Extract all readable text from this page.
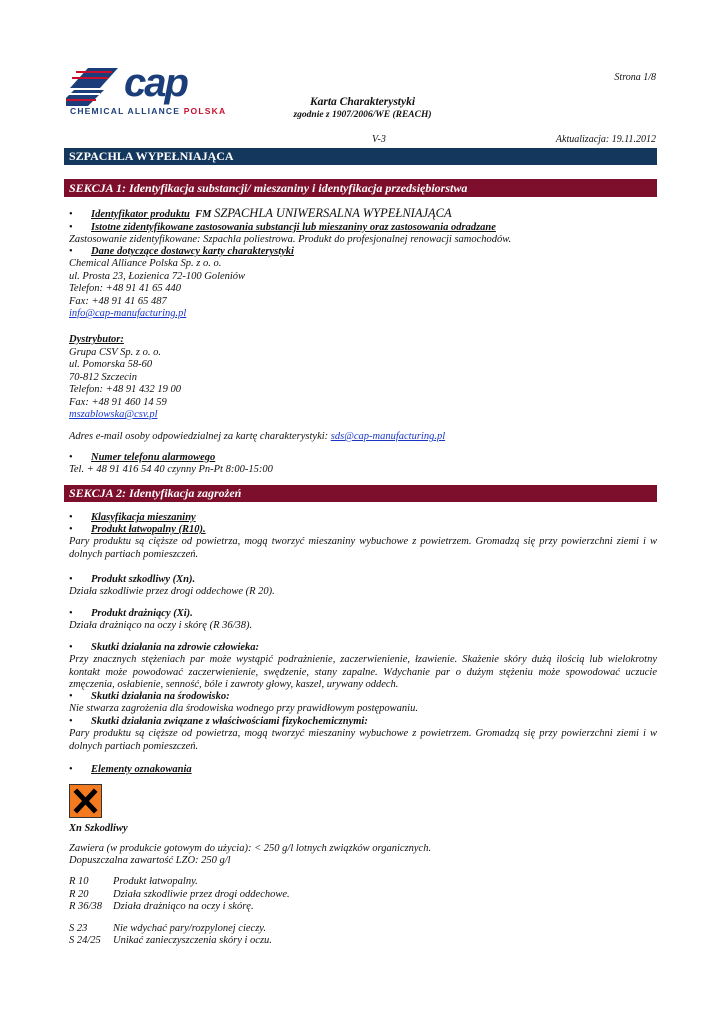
cap
CHEMICAL ALLIANCE POLSKA
Strona 1/8
Karta Charakterystyki
zgodnie z 1907/2006/WE (REACH)
V-3	Aktualizacja: 19.11.2012
SZPACHLA WYPEŁNIAJĄCA
SEKCJA 1: Identyfikacja substancji/ mieszaniny i identyfikacja przedsiębiorstwa
• Identyfikator produktu FM SZPACHLA UNIWERSALNA WYPEŁNIAJĄCA
• Istotne zidentyfikowane zastosowania substancji lub mieszaniny oraz zastosowania odradzane
Zastosowanie zidentyfikowane: Szpachla poliestrowa. Produkt do profesjonalnej renowacji samochodów.
• Dane dotyczące dostawcy karty charakterystyki
Chemical Alliance Polska Sp. z o. o.
ul. Prosta 23, Łozienica 72-100 Goleniów
Telefon: +48 91 41 65 440
Fax: +48 91 41 65 487
info@cap-manufacturing.pl
Dystrybutor:
Grupa CSV Sp. z o. o.
ul. Pomorska 58-60
70-812 Szczecin
Telefon: +48 91 432 19 00
Fax: +48 91 460 14 59
mszablowska@csv.pl
Adres e-mail osoby odpowiedzialnej za kartę charakterystyki: sds@cap-manufacturing.pl
• Numer telefonu alarmowego
Tel. + 48 91 416 54 40 czynny Pn-Pt 8:00-15:00
SEKCJA 2: Identyfikacja zagrożeń
• Klasyfikacja mieszaniny
• Produkt łatwopalny (R10).
Pary produktu są cięższe od powietrza, mogą tworzyć mieszaniny wybuchowe z powietrzem. Gromadzą się przy powierzchni ziemi i w dolnych partiach pomieszczeń.
• Produkt szkodliwy (Xn).
Działa szkodliwie przez drogi oddechowe (R 20).
• Produkt drażniący (Xi).
Działa drażniąco na oczy i skórę (R 36/38).
• Skutki działania na zdrowie człowieka:
Przy znacznych stężeniach par może wystąpić podrażnienie, zaczerwienienie, łzawienie. Skażenie skóry dużą ilością lub wielokrotny kontakt może powodować zaczerwienienie, swędzenie, stany zapalne. Wdychanie par o dużym stężeniu może spowodować uczucie zmęczenia, osłabienie, senność, bóle i zawroty głowy, kaszel, urywany oddech.
• Skutki działania na środowisko:
Nie stwarza zagrożenia dla środowiska wodnego przy prawidłowym postępowaniu.
• Skutki działania związane z właściwościami fizykochemicznymi:
Pary produktu są cięższe od powietrza, mogą tworzyć mieszaniny wybuchowe z powietrzem. Gromadzą się przy powierzchni ziemi i w dolnych partiach pomieszczeń.
• Elementy oznakowania
Xn Szkodliwy
Zawiera (w produkcie gotowym do użycia): < 250 g/l lotnych związków organicznych.
Dopuszczalna zawartość LZO: 250 g/l
R 10 Produkt łatwopalny.
R 20 Działa szkodliwie przez drogi oddechowe.
R 36/38 Działa drażniąco na oczy i skórę.
S 23 Nie wdychać pary/rozpylonej cieczy.
S 24/25 Unikać zanieczyszczenia skóry i oczu.
